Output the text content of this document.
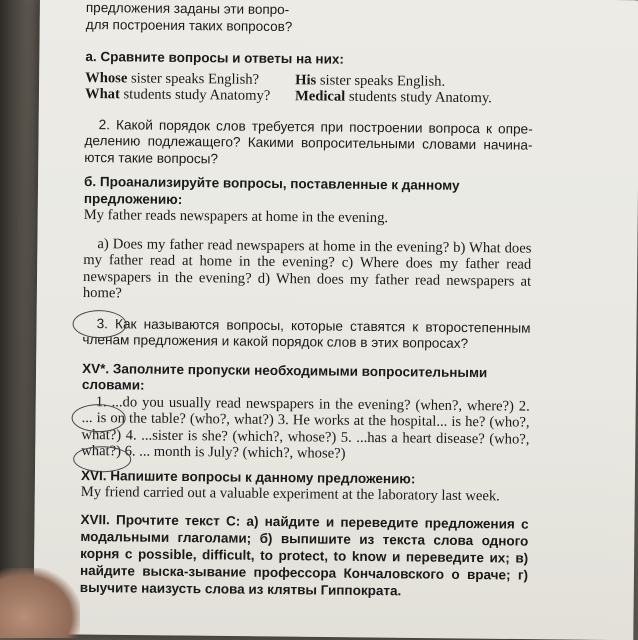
предложения заданы эти вопро-

для построения таких вопросов?

а. Сравните вопросы и ответы на них:

Whose sister speaks English?	His sister speaks English.
What students study Anatomy?	Medical students study Anatomy.

2. Какой порядок слов требуется при построении вопроса к опре-делению подлежащего? Какими вопросительными словами начина-ются такие вопросы?

б. Проанализируйте вопросы, поставленные к данному предложению:

My father reads newspapers at home in the evening.

a) Does my father read newspapers at home in the evening? b) What does my father read at home in the evening? c) Where does my father read newspapers in the evening? d) When does my father read newspapers at home?

3. Как называются вопросы, которые ставятся к второстепенным членам предложения и какой порядок слов в этих вопросах?

XV*. Заполните пропуски необходимыми вопросительными словами:

1. ...do you usually read newspapers in the evening? (when?, where?) 2. ... is on the table? (who?, what?) 3. He works at the hospital... is he? (who?, what?) 4. ...sister is she? (which?, whose?) 5. ...has a heart disease? (who?, what?) 6. ... month is July? (which?, whose?)

XVI. Напишите вопросы к данному предложению:

My friend carried out a valuable experiment at the laboratory last week.

XVII. Прочтите текст С: а) найдите и переведите предложения с модальными глаголами; б) выпишите из текста слова одного корня с possible, difficult, to protect, to know и переведите их; в) найдите выска-зывание профессора Кончаловского о враче; г) выучите наизусть слова из клятвы Гиппократа.
